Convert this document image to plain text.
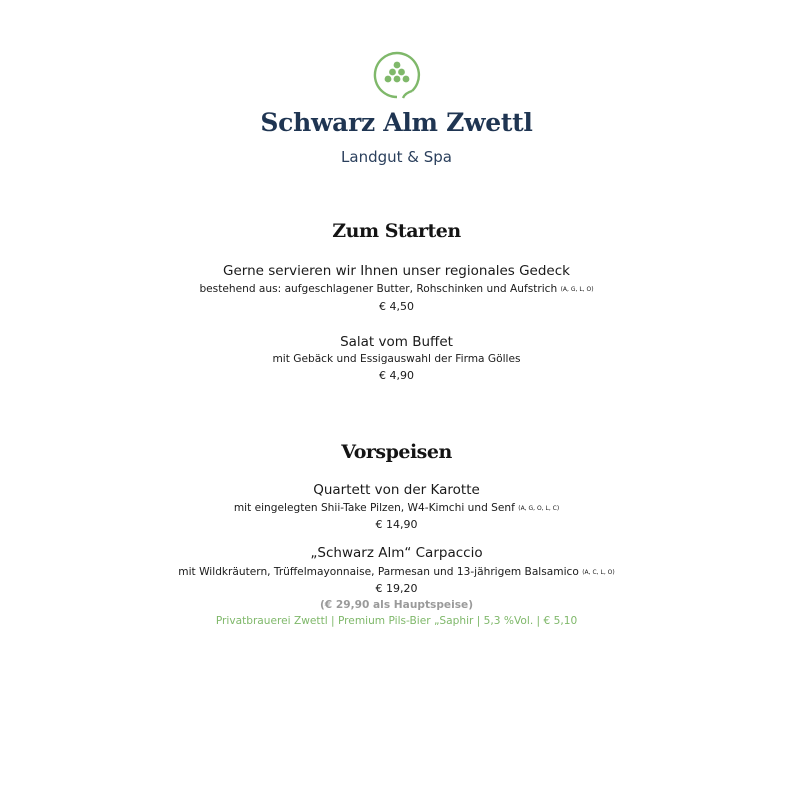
Schwarz Alm Zwettl
Landgut & Spa
Zum Starten
Gerne servieren wir Ihnen unser regionales Gedeck
bestehend aus: aufgeschlagener Butter, Rohschinken und Aufstrich (A, G, L, O)
€ 4,50
Salat vom Buffet
mit Gebäck und Essigauswahl der Firma Gölles
€ 4,90
Vorspeisen
Quartett von der Karotte
mit eingelegten Shii-Take Pilzen, W4-Kimchi und Senf (A, G, O, L, C)
€ 14,90
„Schwarz Alm“ Carpaccio
mit Wildkräutern, Trüffelmayonnaise, Parmesan und 13-jährigem Balsamico (A, C, L, O)
€ 19,20
(€ 29,90 als Hauptspeise)
Privatbrauerei Zwettl | Premium Pils-Bier „Saphir | 5,3 %Vol. | € 5,10
